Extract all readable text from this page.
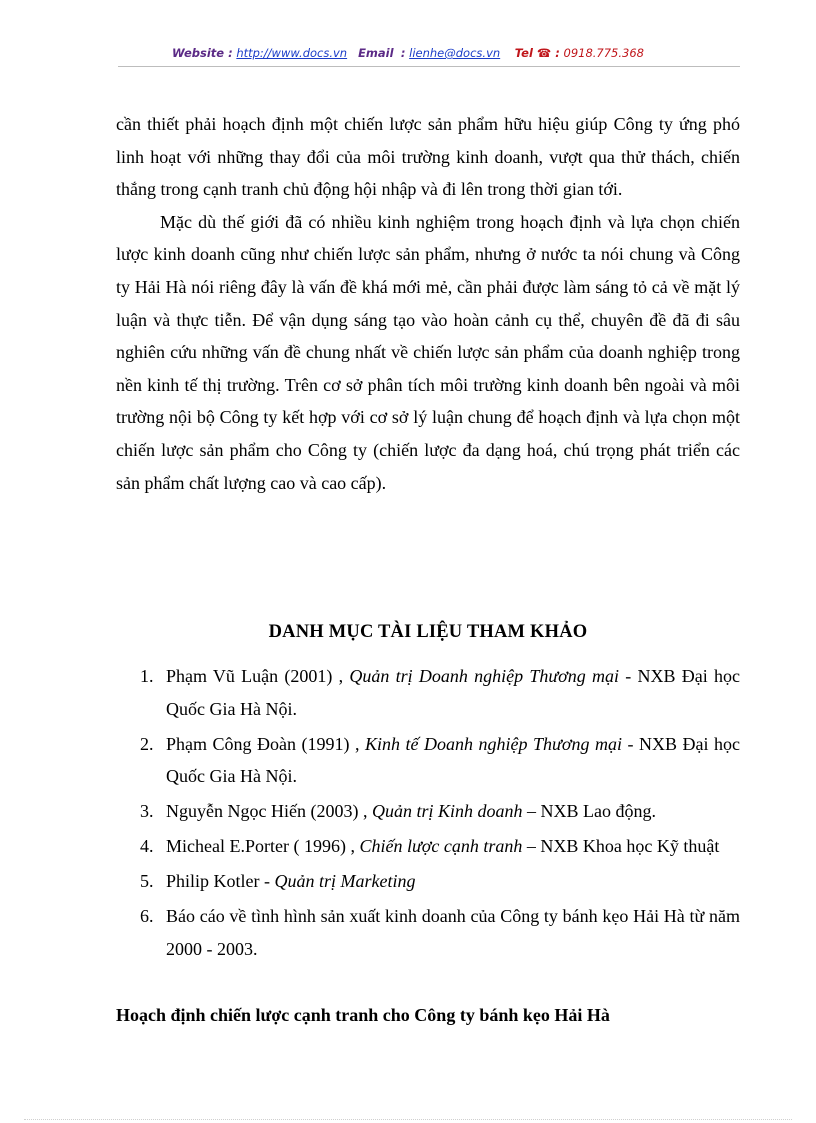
Website : http://www.docs.vn Email : lienhe@docs.vn Tel ☎ : 0918.775.368

cần thiết phải hoạch định một chiến lược sản phẩm hữu hiệu giúp Công ty ứng phó linh hoạt với những thay đổi của môi trường kinh doanh, vượt qua thử thách, chiến thắng trong cạnh tranh chủ động hội nhập và đi lên trong thời gian tới.

Mặc dù thế giới đã có nhiều kinh nghiệm trong hoạch định và lựa chọn chiến lược kinh doanh cũng như chiến lược sản phẩm, nhưng ở nước ta nói chung và Công ty Hải Hà nói riêng đây là vấn đề khá mới mẻ, cần phải được làm sáng tỏ cả về mặt lý luận và thực tiễn. Để vận dụng sáng tạo vào hoàn cảnh cụ thể, chuyên đề đã đi sâu nghiên cứu những vấn đề chung nhất về chiến lược sản phẩm của doanh nghiệp trong nền kinh tế thị trường. Trên cơ sở phân tích môi trường kinh doanh bên ngoài và môi trường nội bộ Công ty kết hợp với cơ sở lý luận chung để hoạch định và lựa chọn một chiến lược sản phẩm cho Công ty (chiến lược đa dạng hoá, chú trọng phát triển các sản phẩm chất lượng cao và cao cấp).

DANH MỤC TÀI LIỆU THAM KHẢO
1. Phạm Vũ Luận (2001) , Quản trị Doanh nghiệp Thương mại - NXB Đại học Quốc Gia Hà Nội.
2. Phạm Công Đoàn (1991) , Kinh tế Doanh nghiệp Thương mại - NXB Đại học Quốc Gia Hà Nội.
3. Nguyễn Ngọc Hiến (2003) , Quản trị Kinh doanh – NXB Lao động.
4. Micheal E.Porter ( 1996) , Chiến lược cạnh tranh – NXB Khoa học Kỹ thuật
5. Philip Kotler - Quản trị Marketing
6. Báo cáo về tình hình sản xuất kinh doanh của Công ty bánh kẹo Hải Hà từ năm 2000 - 2003.
Hoạch định chiến lược cạnh tranh cho Công ty bánh kẹo Hải Hà
